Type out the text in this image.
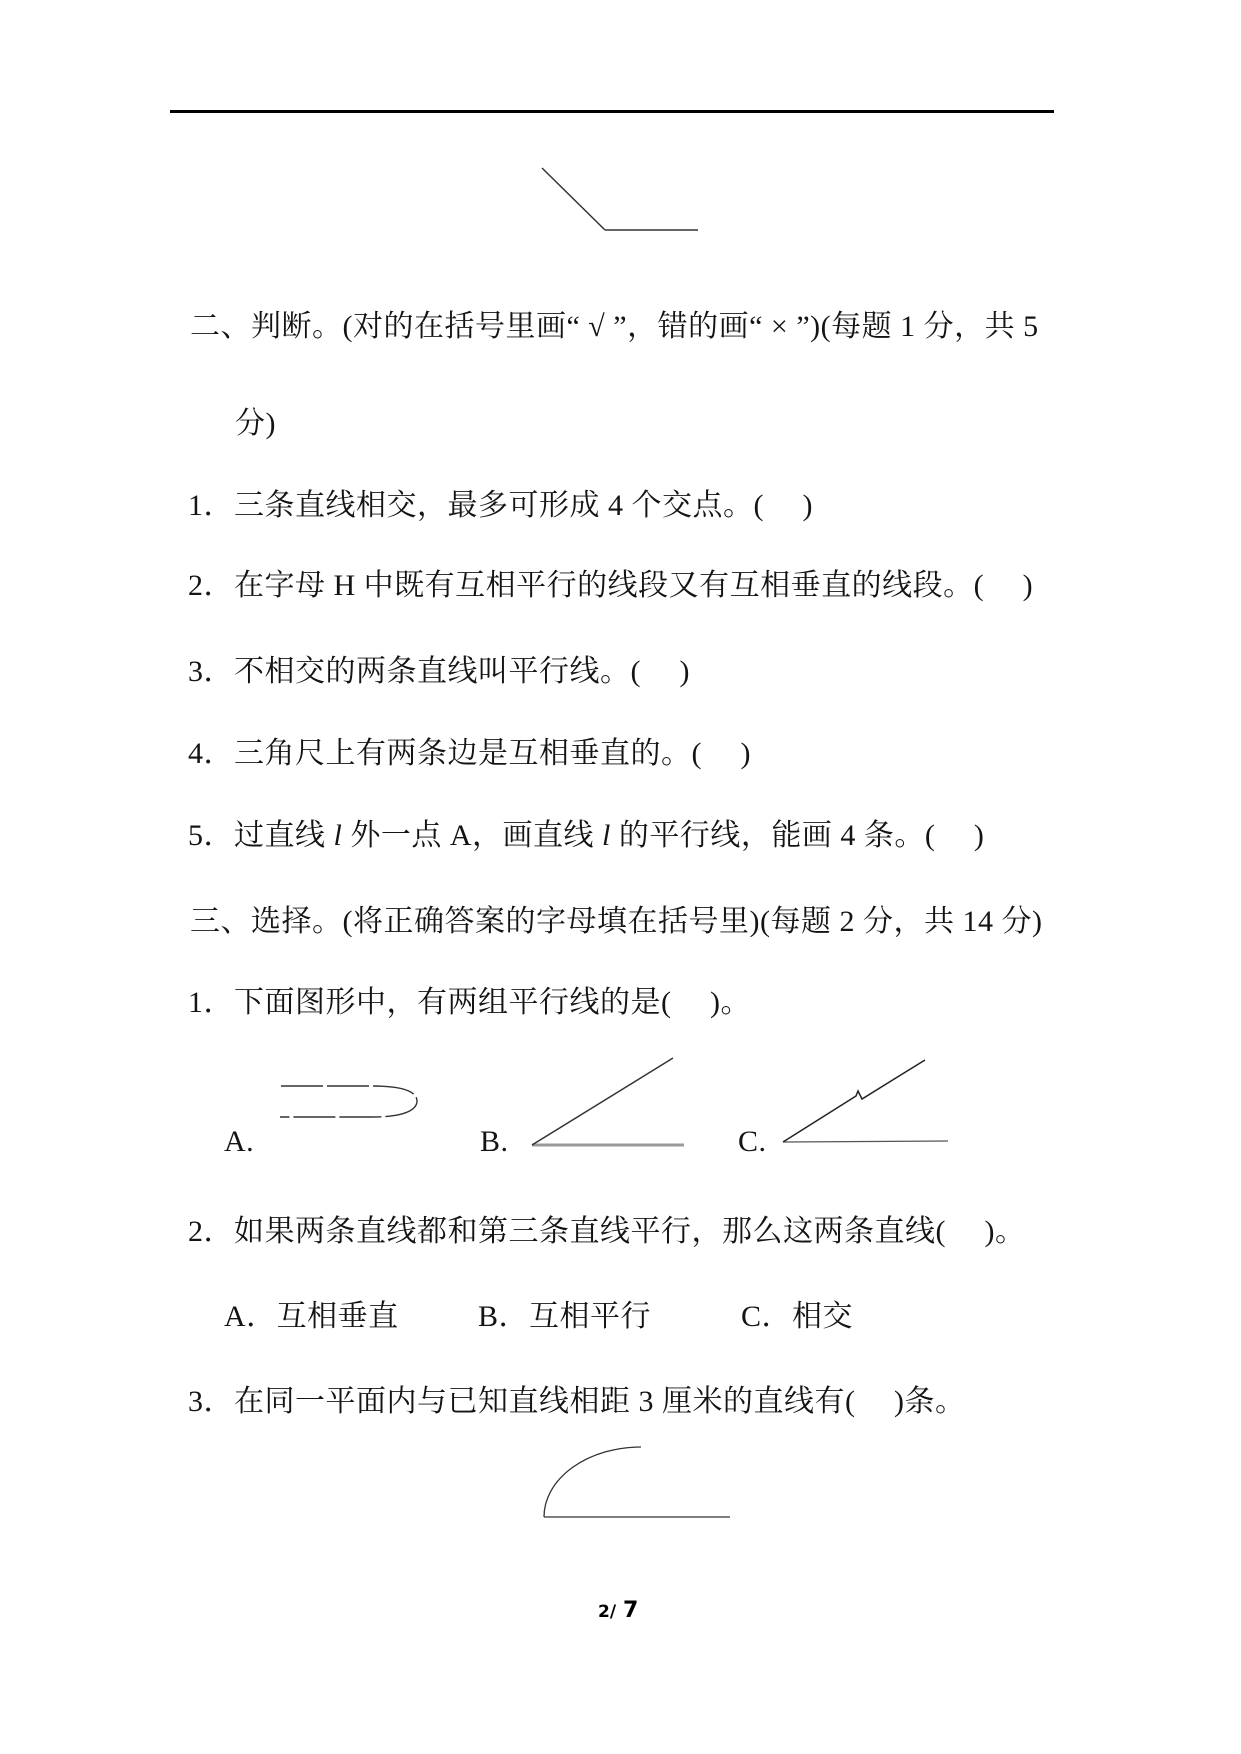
二、判断。(对的在括号里画“ √ ”，错的画“ × ”)(每题 1 分，共 5
分)
1．三条直线相交，最多可形成 4 个交点。(　 )
2．在字母 H 中既有互相平行的线段又有互相垂直的线段。(　 )
3．不相交的两条直线叫平行线。(　 )
4．三角尺上有两条边是互相垂直的。(　 )
5．过直线 l 外一点 A，画直线 l 的平行线，能画 4 条。(　 )
三、选择。(将正确答案的字母填在括号里)(每题 2 分，共 14 分)
1．下面图形中，有两组平行线的是(　 )。
A.	B.	C.
2．如果两条直线都和第三条直线平行，那么这两条直线(　 )。
A．互相垂直	B．互相平行	C．相交
3．在同一平面内与已知直线相距 3 厘米的直线有(　 )条。
2/ 7
